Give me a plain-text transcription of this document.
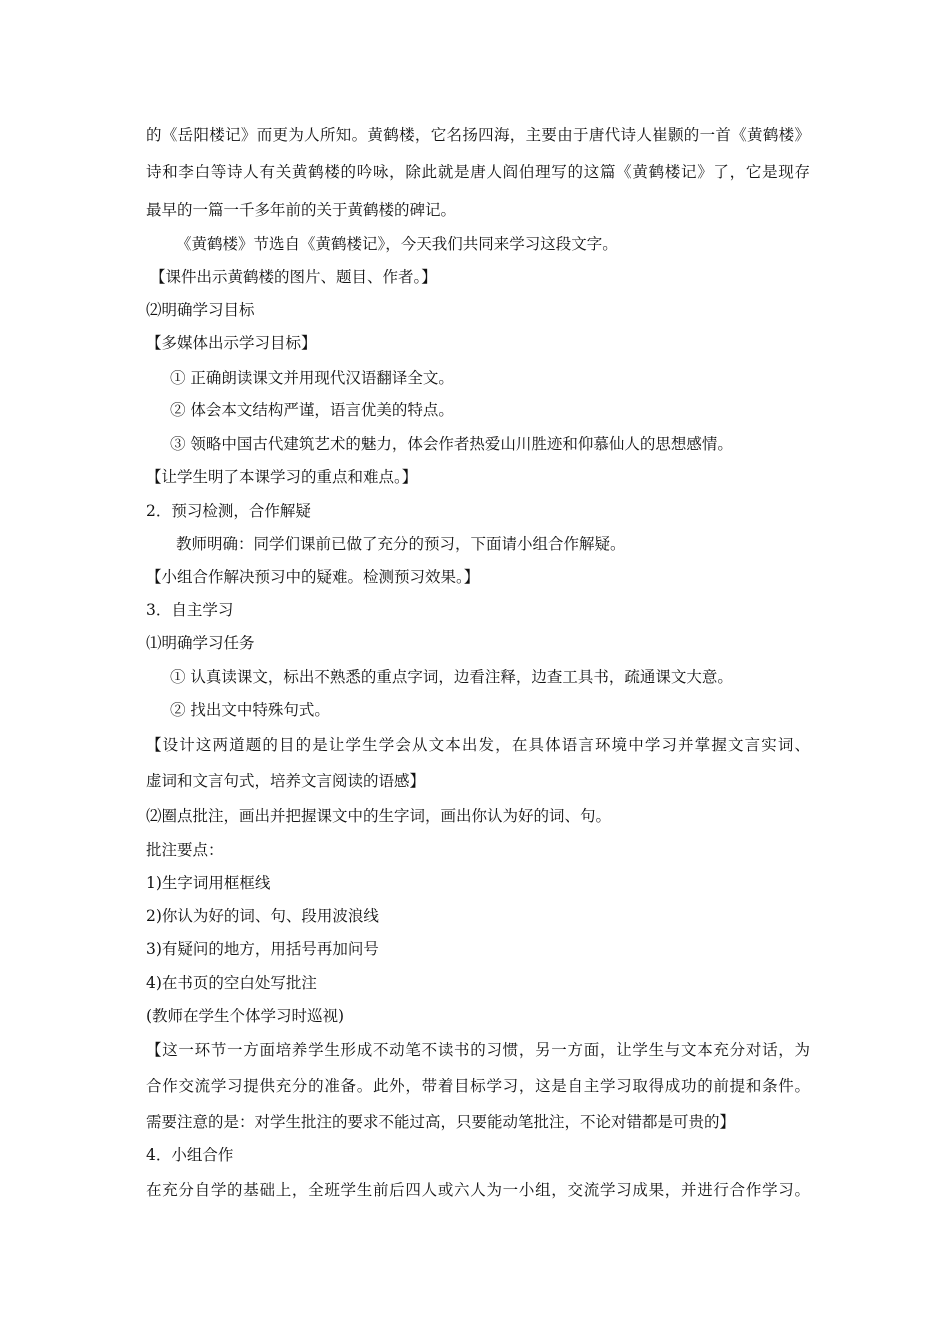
的《岳阳楼记》而更为人所知。黄鹤楼，它名扬四海，主要由于唐代诗人崔颢的一首《黄鹤楼》
诗和李白等诗人有关黄鹤楼的吟咏，除此就是唐人阎伯理写的这篇《黄鹤楼记》了，它是现存
最早的一篇一千多年前的关于黄鹤楼的碑记。
《黄鹤楼》节选自《黄鹤楼记》，今天我们共同来学习这段文字。
【课件出示黄鹤楼的图片、题目、作者。】
⑵明确学习目标
【多媒体出示学习目标】
① 正确朗读课文并用现代汉语翻译全文。
② 体会本文结构严谨，语言优美的特点。
③ 领略中国古代建筑艺术的魅力，体会作者热爱山川胜迹和仰慕仙人的思想感情。
【让学生明了本课学习的重点和难点。】
2．预习检测，合作解疑
教师明确：同学们课前已做了充分的预习，下面请小组合作解疑。
【小组合作解决预习中的疑难。检测预习效果。】
3．自主学习
⑴明确学习任务
① 认真读课文，标出不熟悉的重点字词，边看注释，边查工具书，疏通课文大意。
② 找出文中特殊句式。
【设计这两道题的目的是让学生学会从文本出发，在具体语言环境中学习并掌握文言实词、
虚词和文言句式，培养文言阅读的语感】
⑵圈点批注，画出并把握课文中的生字词，画出你认为好的词、句。
批注要点：
1)生字词用框框线
2)你认为好的词、句、段用波浪线
3)有疑问的地方，用括号再加问号
4)在书页的空白处写批注
(教师在学生个体学习时巡视)
【这一环节一方面培养学生形成不动笔不读书的习惯，另一方面，让学生与文本充分对话，为
合作交流学习提供充分的准备。此外，带着目标学习，这是自主学习取得成功的前提和条件。
需要注意的是：对学生批注的要求不能过高，只要能动笔批注，不论对错都是可贵的】
4．小组合作
在充分自学的基础上，全班学生前后四人或六人为一小组，交流学习成果，并进行合作学习。
